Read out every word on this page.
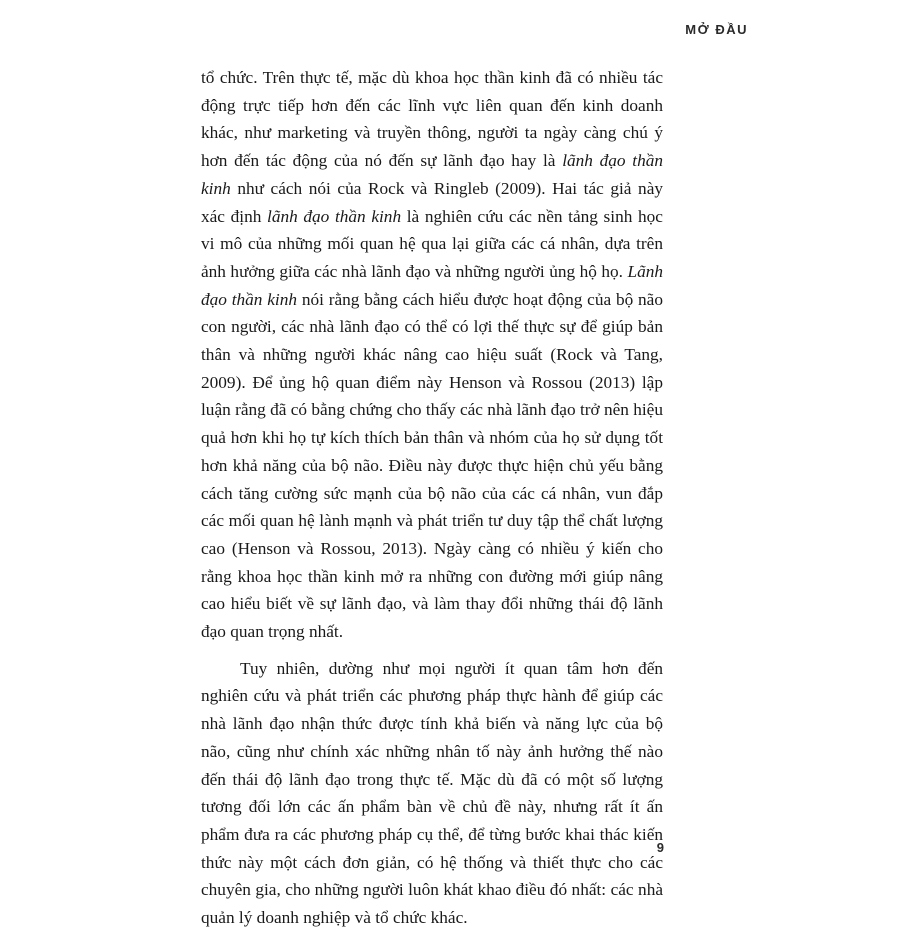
MỞ ĐẦU

tổ chức. Trên thực tế, mặc dù khoa học thần kinh đã có nhiều tác động trực tiếp hơn đến các lĩnh vực liên quan đến kinh doanh khác, như marketing và truyền thông, người ta ngày càng chú ý hơn đến tác động của nó đến sự lãnh đạo hay là lãnh đạo thần kinh như cách nói của Rock và Ringleb (2009). Hai tác giả này xác định lãnh đạo thần kinh là nghiên cứu các nền tảng sinh học vi mô của những mối quan hệ qua lại giữa các cá nhân, dựa trên ảnh hưởng giữa các nhà lãnh đạo và những người ủng hộ họ. Lãnh đạo thần kinh nói rằng bằng cách hiểu được hoạt động của bộ não con người, các nhà lãnh đạo có thể có lợi thế thực sự để giúp bản thân và những người khác nâng cao hiệu suất (Rock và Tang, 2009). Để ủng hộ quan điểm này Henson và Rossou (2013) lập luận rằng đã có bằng chứng cho thấy các nhà lãnh đạo trở nên hiệu quả hơn khi họ tự kích thích bản thân và nhóm của họ sử dụng tốt hơn khả năng của bộ não. Điều này được thực hiện chủ yếu bằng cách tăng cường sức mạnh của bộ não của các cá nhân, vun đắp các mối quan hệ lành mạnh và phát triển tư duy tập thể chất lượng cao (Henson và Rossou, 2013). Ngày càng có nhiều ý kiến cho rằng khoa học thần kinh mở ra những con đường mới giúp nâng cao hiểu biết về sự lãnh đạo, và làm thay đổi những thái độ lãnh đạo quan trọng nhất.

Tuy nhiên, dường như mọi người ít quan tâm hơn đến nghiên cứu và phát triển các phương pháp thực hành để giúp các nhà lãnh đạo nhận thức được tính khả biến và năng lực của bộ não, cũng như chính xác những nhân tố này ảnh hưởng thế nào đến thái độ lãnh đạo trong thực tế. Mặc dù đã có một số lượng tương đối lớn các ấn phẩm bàn về chủ đề này, nhưng rất ít ấn phẩm đưa ra các phương pháp cụ thể, để từng bước khai thác kiến thức này một cách đơn giản, có hệ thống và thiết thực cho các chuyên gia, cho những người luôn khát khao điều đó nhất: các nhà quản lý doanh nghiệp và tổ chức khác.

9
